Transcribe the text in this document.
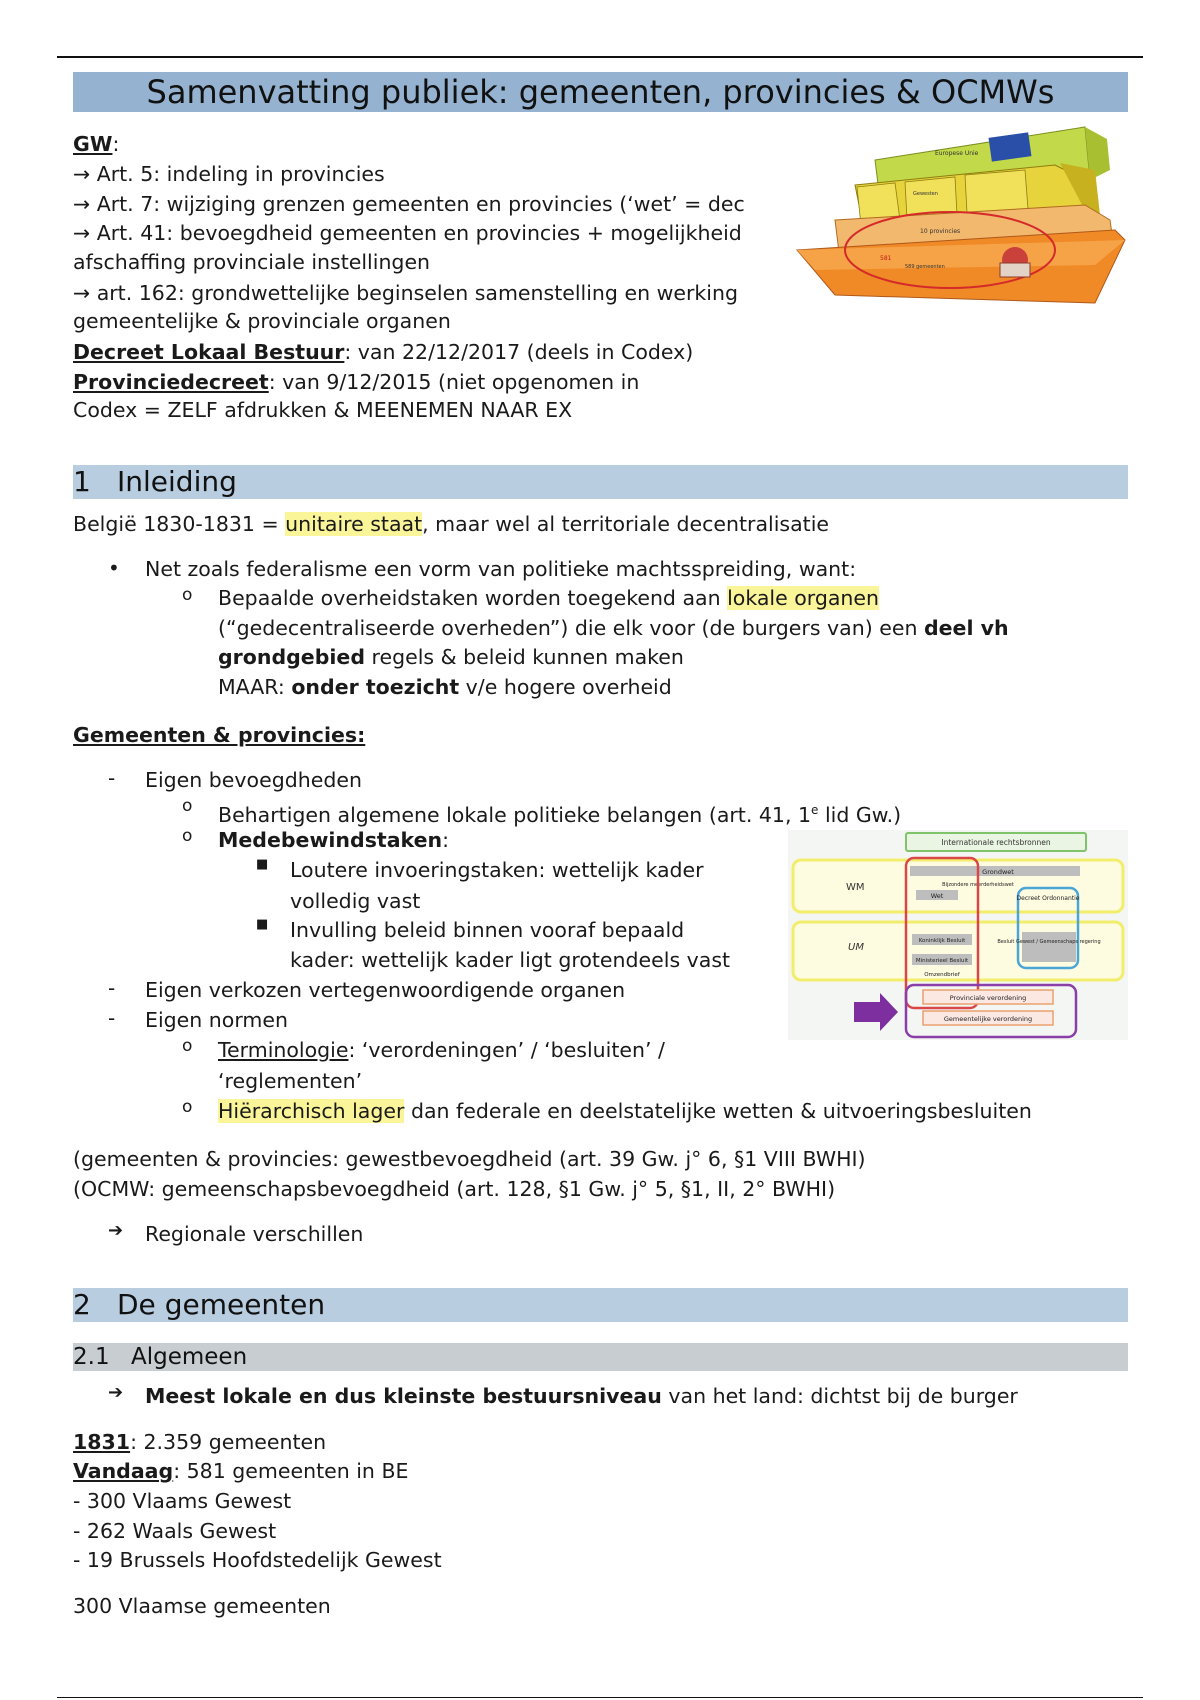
Samenvatting publiek: gemeenten, provincies & OCMWs
GW:
→ Art. 5: indeling in provincies
→ Art. 7: wijziging grenzen gemeenten en provincies (‘wet’ = dec
→ Art. 41: bevoegdheid gemeenten en provincies + mogelijkheid
afschaffing provinciale instellingen
→ art. 162: grondwettelijke beginselen samenstelling en werking
gemeentelijke & provinciale organen
Decreet Lokaal Bestuur: van 22/12/2017 (deels in Codex)
Provinciedecreet: van 9/12/2015 (niet opgenomen in
Codex = ZELF afdrukken & MEENEMEN NAAR EX
Europese Unie
Gewesten
10 provincies
581
589 gemeenten
1 Inleiding
België 1830-1831 = unitaire staat, maar wel al territoriale decentralisatie
• Net zoals federalisme een vorm van politieke machtsspreiding, want:
o Bepaalde overheidstaken worden toegekend aan lokale organen
(“gedecentraliseerde overheden”) die elk voor (de burgers van) een deel vh
grondgebied regels & beleid kunnen maken
MAAR: onder toezicht v/e hogere overheid
Gemeenten & provincies:
- Eigen bevoegdheden
o Behartigen algemene lokale politieke belangen (art. 41, 1e lid Gw.)
o Medebewindstaken:
■ Loutere invoeringstaken: wettelijk kader
volledig vast
■ Invulling beleid binnen vooraf bepaald
kader: wettelijk kader ligt grotendeels vast
- Eigen verkozen vertegenwoordigende organen
- Eigen normen
o Terminologie: ‘verordeningen’ / ‘besluiten’ /
‘reglementen’
o Hiërarchisch lager dan federale en deelstatelijke wetten & uitvoeringsbesluiten
(gemeenten & provincies: gewestbevoegdheid (art. 39 Gw. j° 6, §1 VIII BWHI)
(OCMW: gemeenschapsbevoegdheid (art. 128, §1 Gw. j° 5, §1, II, 2° BWHI)
➔ Regionale verschillen
Internationale rechtsbronnen
WM
UM
Grondwet
Bijzondere meerderheidswet
Wet	Decreet Ordonnantie
Koninklijk Besluit
Ministerieel Besluit
Omzendbrief
Besluit Gewest / Gemeenschaps regering
Provinciale verordening
Gemeentelijke verordening
2 De gemeenten
2.1 Algemeen
➔ Meest lokale en dus kleinste bestuursniveau van het land: dichtst bij de burger
1831: 2.359 gemeenten
Vandaag: 581 gemeenten in BE
- 300 Vlaams Gewest
- 262 Waals Gewest
- 19 Brussels Hoofdstedelijk Gewest
300 Vlaamse gemeenten
